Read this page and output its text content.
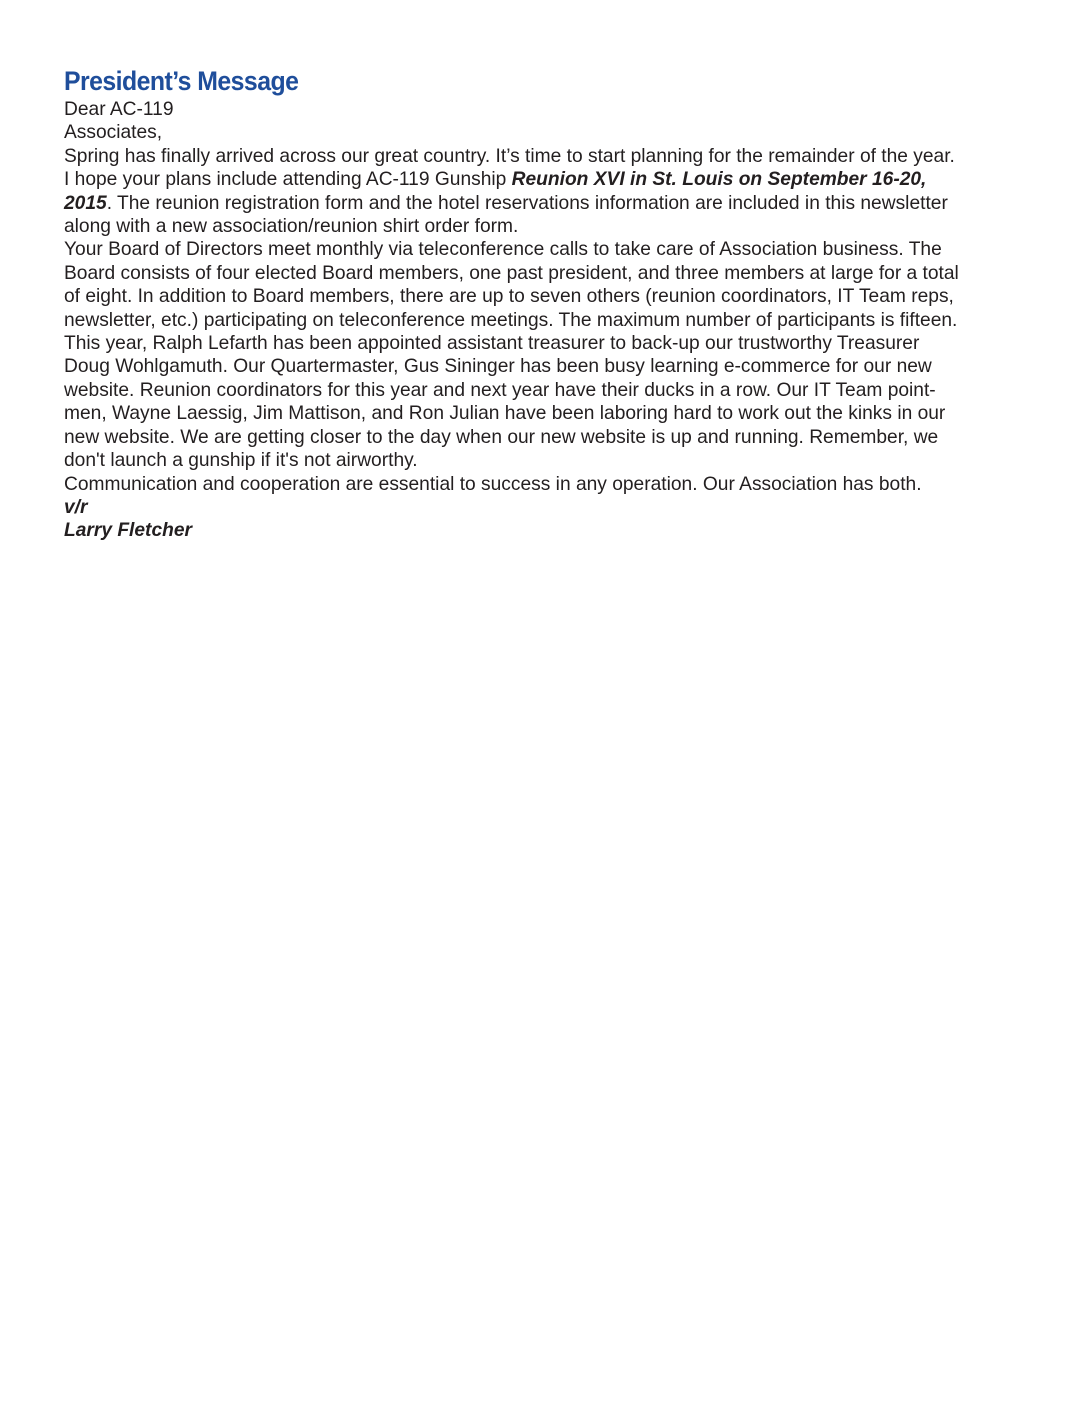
President’s Message
Dear AC-119
Associates,
Spring has finally arrived across our great country. It’s time to start planning for the remainder of the year.
I hope your plans include attending AC-119 Gunship Reunion XVI in St. Louis on September 16-20,
2015. The reunion registration form and the hotel reservations information are included in this newsletter
along with a new association/reunion shirt order form.
Your Board of Directors meet monthly via teleconference calls to take care of Association business. The
Board consists of four elected Board members, one past president, and three members at large for a total
of eight. In addition to Board members, there are up to seven others (reunion coordinators, IT Team reps,
newsletter, etc.) participating on teleconference meetings. The maximum number of participants is fifteen.
This year, Ralph Lefarth has been appointed assistant treasurer to back-up our trustworthy Treasurer
Doug Wohlgamuth. Our Quartermaster, Gus Sininger has been busy learning e-commerce for our new
website. Reunion coordinators for this year and next year have their ducks in a row. Our IT Team point-
men, Wayne Laessig, Jim Mattison, and Ron Julian have been laboring hard to work out the kinks in our
new website. We are getting closer to the day when our new website is up and running. Remember, we
don't launch a gunship if it's not airworthy.
Communication and cooperation are essential to success in any operation. Our Association has both.
v/r
Larry Fletcher
